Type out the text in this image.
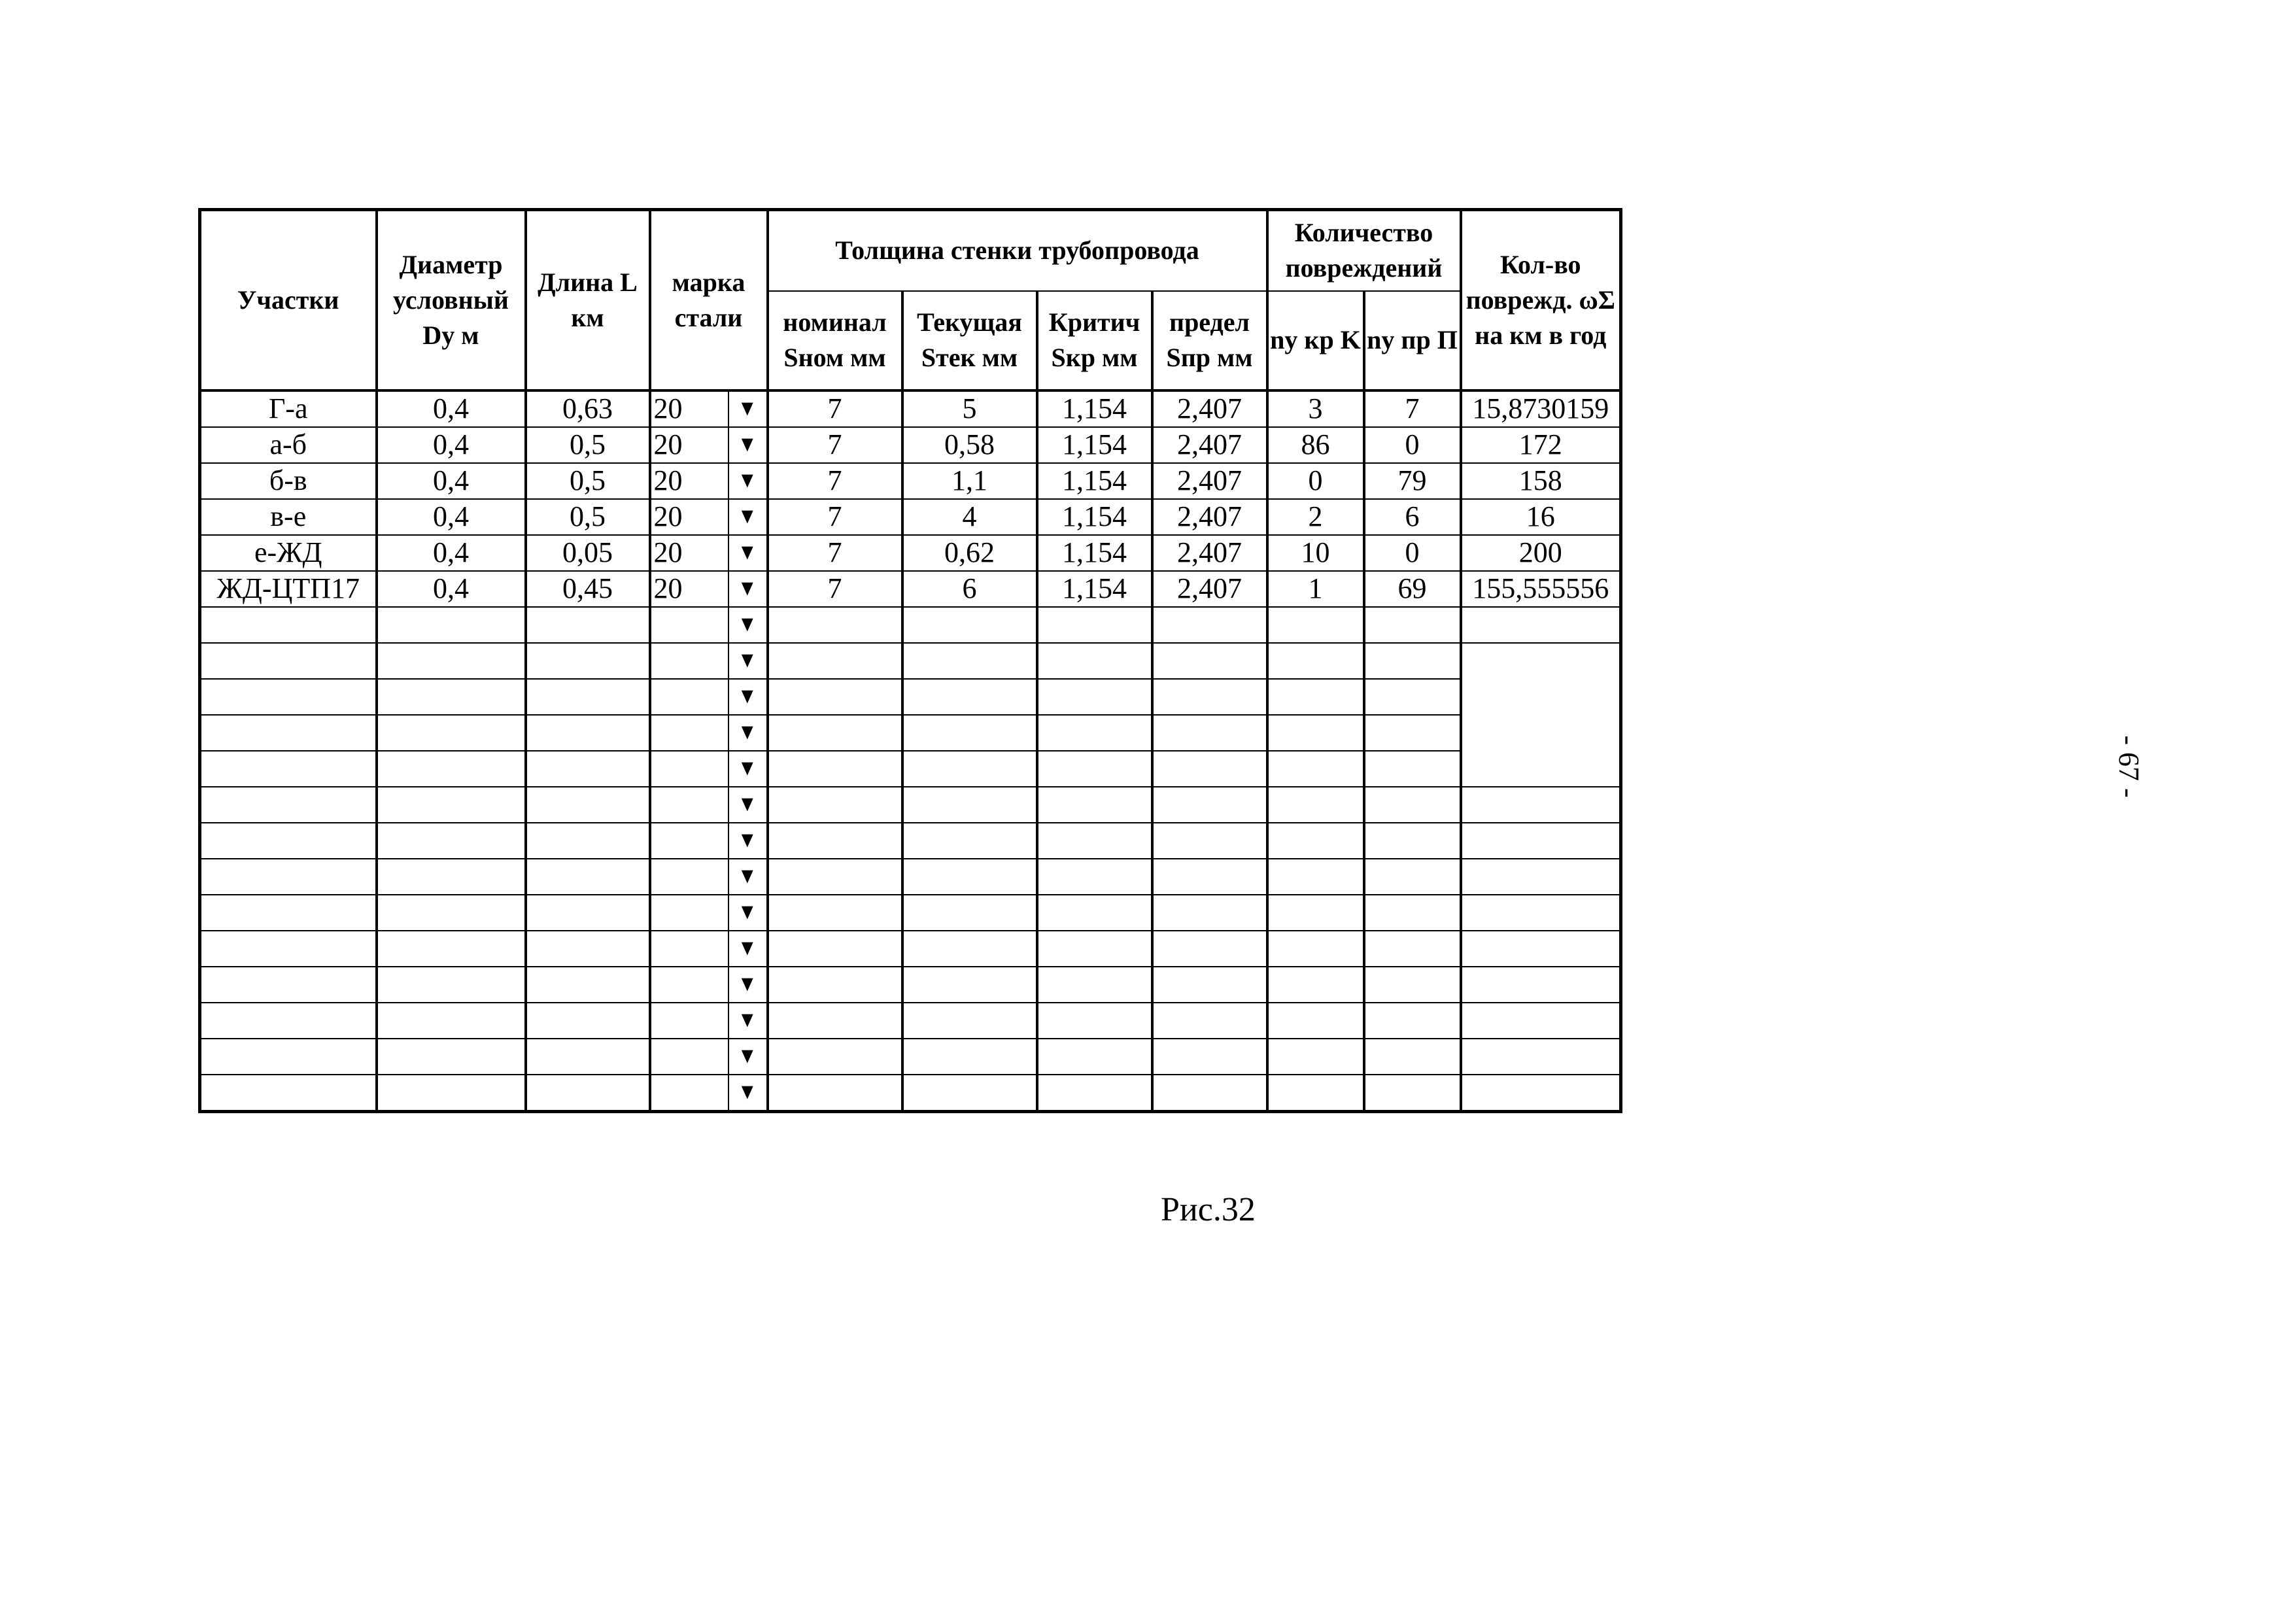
Участки	Диаметр условный Dy м	Длина L км	марка стали		Толщина стенки трубопровода				Количество повреждений		Кол-во поврежд. ωΣ на км в год
					номинал Sном мм	Текущая Sтек мм	Критич Sкр мм	предел Sпр мм	nу кр K	nу пр П	
Г-а	0,4	0,63	20	▼	7	5	1,154	2,407	3	7	15,8730159
а-б	0,4	0,5	20	▼	7	0,58	1,154	2,407	86	0	172
б-в	0,4	0,5	20	▼	7	1,1	1,154	2,407	0	79	158
в-е	0,4	0,5	20	▼	7	4	1,154	2,407	2	6	16
е-ЖД	0,4	0,05	20	▼	7	0,62	1,154	2,407	10	0	200
ЖД-ЦТП17	0,4	0,45	20	▼	7	6	1,154	2,407	1	69	155,555556
				▼							
				▼							
				▼							
				▼							
				▼							
				▼							
				▼							
				▼							
				▼							
				▼							
				▼							
				▼							
				▼							
				▼							
Рис.32
- 67 -
